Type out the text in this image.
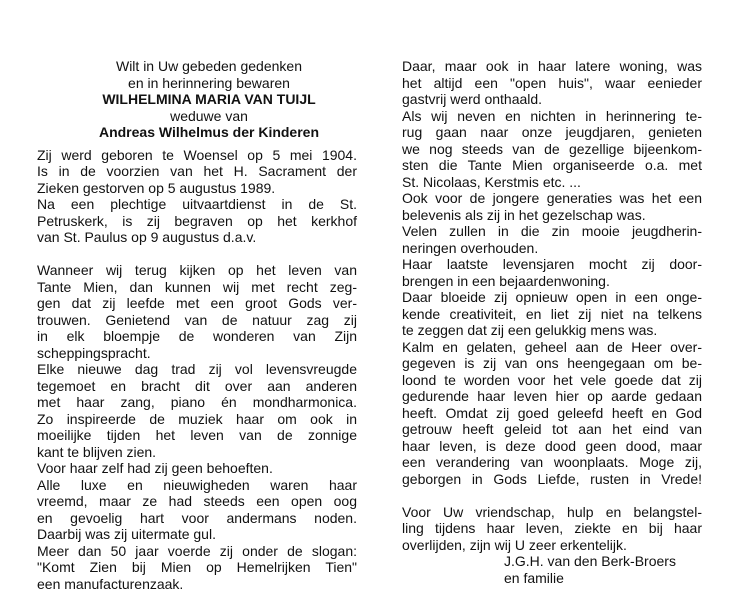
Wilt in Uw gebeden gedenken
en in herinnering bewaren
WILHELMINA MARIA VAN TUIJL
weduwe van
Andreas Wilhelmus der Kinderen
Zij werd geboren te Woensel op 5 mei 1904.
Is in de voorzien van het H. Sacrament der
Zieken gestorven op 5 augustus 1989.
Na een plechtige uitvaartdienst in de St.
Petruskerk, is zij begraven op het kerkhof
van St. Paulus op 9 augustus d.a.v.
Wanneer wij terug kijken op het leven van
Tante Mien, dan kunnen wij met recht zeg-
gen dat zij leefde met een groot Gods ver-
trouwen. Genietend van de natuur zag zij
in elk bloempje de wonderen van Zijn
scheppingspracht.
Elke nieuwe dag trad zij vol levensvreugde
tegemoet en bracht dit over aan anderen
met haar zang, piano én mondharmonica.
Zo inspireerde de muziek haar om ook in
moeilijke tijden het leven van de zonnige
kant te blijven zien.
Voor haar zelf had zij geen behoeften.
Alle luxe en nieuwigheden waren haar
vreemd, maar ze had steeds een open oog
en gevoelig hart voor andermans noden.
Daarbij was zij uitermate gul.
Meer dan 50 jaar voerde zij onder de slogan:
"Komt Zien bij Mien op Hemelrijken Tien"
een manufacturenzaak.
Daar, maar ook in haar latere woning, was
het altijd een "open huis", waar eenieder
gastvrij werd onthaald.
Als wij neven en nichten in herinnering te-
rug gaan naar onze jeugdjaren, genieten
we nog steeds van de gezellige bijeenkom-
sten die Tante Mien organiseerde o.a. met
St. Nicolaas, Kerstmis etc. ...
Ook voor de jongere generaties was het een
belevenis als zij in het gezelschap was.
Velen zullen in die zin mooie jeugdherin-
neringen overhouden.
Haar laatste levensjaren mocht zij door-
brengen in een bejaardenwoning.
Daar bloeide zij opnieuw open in een onge-
kende creativiteit, en liet zij niet na telkens
te zeggen dat zij een gelukkig mens was.
Kalm en gelaten, geheel aan de Heer over-
gegeven is zij van ons heengegaan om be-
loond te worden voor het vele goede dat zij
gedurende haar leven hier op aarde gedaan
heeft. Omdat zij goed geleefd heeft en God
getrouw heeft geleid tot aan het eind van
haar leven, is deze dood geen dood, maar
een verandering van woonplaats. Moge zij,
geborgen in Gods Liefde, rusten in Vrede!
Voor Uw vriendschap, hulp en belangstel-
ling tijdens haar leven, ziekte en bij haar
overlijden, zijn wij U zeer erkentelijk.
J.G.H. van den Berk-Broers
en familie
